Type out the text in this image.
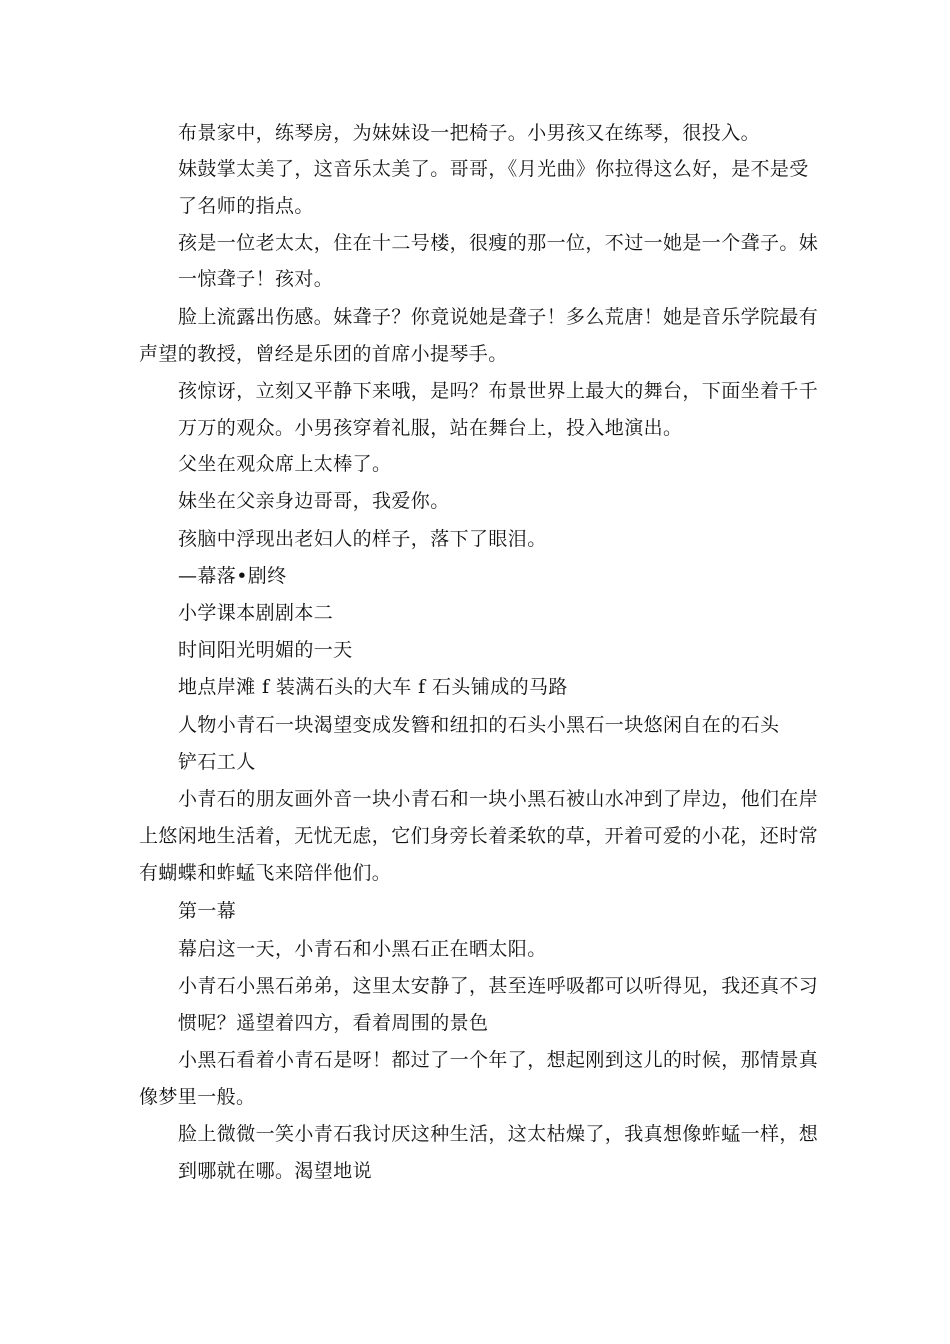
布景家中，练琴房，为妹妹设一把椅子。小男孩又在练琴，很投入。
妹鼓掌太美了，这音乐太美了。哥哥，《月光曲》你拉得这么好，是不是受
了名师的指点。
孩是一位老太太，住在十二号楼，很瘦的那一位，不过一她是一个聋子。妹
一惊聋子！孩对。
脸上流露出伤感。妹聋子？你竟说她是聋子！多么荒唐！她是音乐学院最有
声望的教授，曾经是乐团的首席小提琴手。
孩惊讶，立刻又平静下来哦，是吗？布景世界上最大的舞台，下面坐着千千
万万的观众。小男孩穿着礼服，站在舞台上，投入地演出。
父坐在观众席上太棒了。
妹坐在父亲身边哥哥，我爱你。
孩脑中浮现出老妇人的样子，落下了眼泪。
—幕落•剧终
小学课本剧剧本二
时间阳光明媚的一天
地点岸滩 f 装满石头的大车 f 石头铺成的马路
人物小青石一块渴望变成发簪和纽扣的石头小黑石一块悠闲自在的石头
铲石工人
小青石的朋友画外音一块小青石和一块小黑石被山水冲到了岸边，他们在岸
上悠闲地生活着，无忧无虑，它们身旁长着柔软的草，开着可爱的小花，还时常
有蝴蝶和蚱蜢飞来陪伴他们。
第一幕
幕启这一天，小青石和小黑石正在晒太阳。
小青石小黑石弟弟，这里太安静了，甚至连呼吸都可以听得见，我还真不习
惯呢？遥望着四方，看着周围的景色
小黑石看着小青石是呀！都过了一个年了，想起刚到这儿的时候，那情景真
像梦里一般。
脸上微微一笑小青石我讨厌这种生活，这太枯燥了，我真想像蚱蜢一样，想
到哪就在哪。渴望地说
